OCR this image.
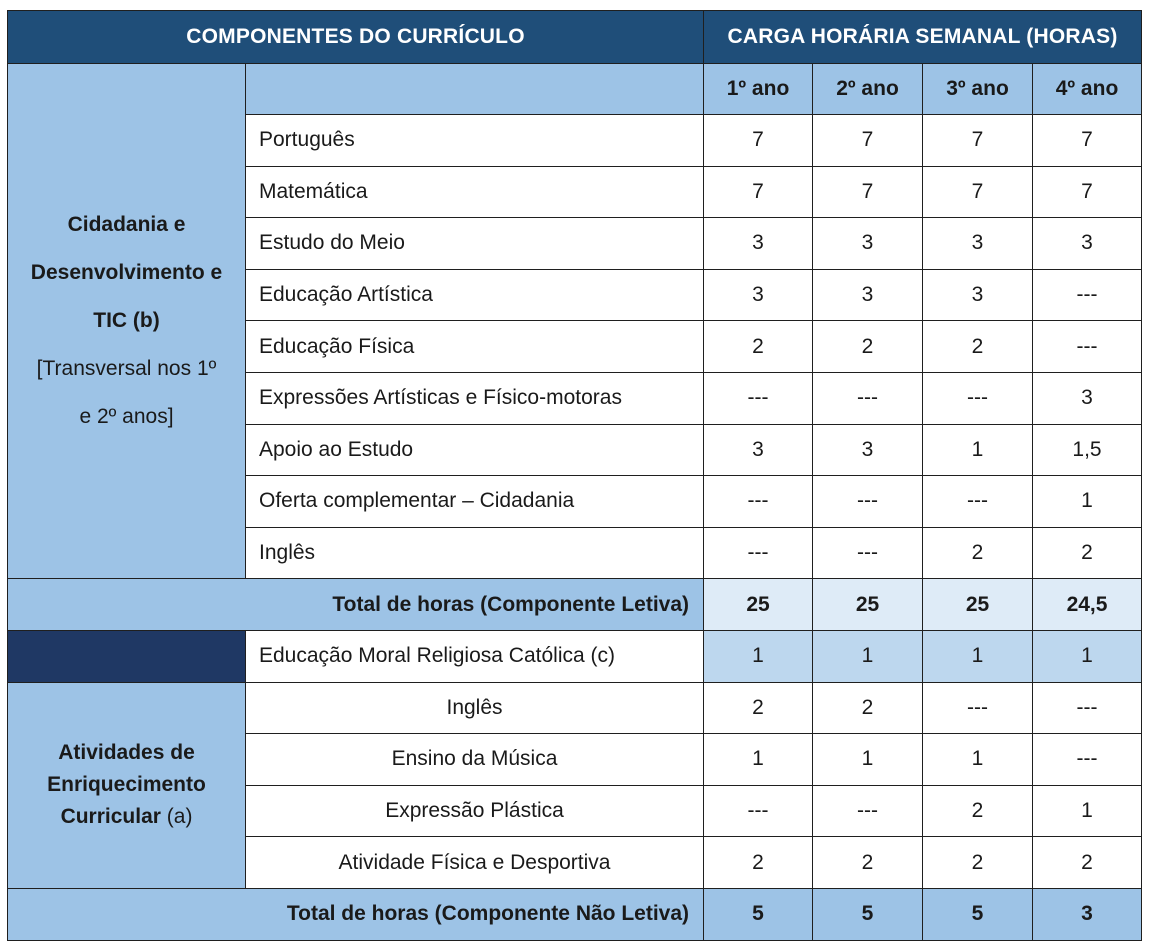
COMPONENTES DO CURRÍCULO		CARGA HORÁRIA SEMANAL (HORAS)			

Cidadania e
Desenvolvimento e
TIC (b)
[Transversal nos 1º
e 2º anos]		1º ano	2º ano	3º ano	4º ano
	Português	7	7	7	7
	Matemática	7	7	7	7
	Estudo do Meio	3	3	3	3
	Educação Artística	3	3	3	---
	Educação Física	2	2	2	---
	Expressões Artísticas e Físico-motoras	---	---	---	3
	Apoio ao Estudo	3	3	1	1,5
	Oferta complementar – Cidadania	---	---	---	1
	Inglês	---	---	2	2
Total de horas (Componente Letiva)		25	25	25	24,5
	Educação Moral Religiosa Católica (c)	1	1	1	1

Atividades de
Enriquecimento
Curricular (a)	Inglês	2	2	---	---
	Ensino da Música	1	1	1	---
	Expressão Plástica	---	---	2	1
	Atividade Física e Desportiva	2	2	2	2
Total de horas (Componente Não Letiva)		5	5	5	3
